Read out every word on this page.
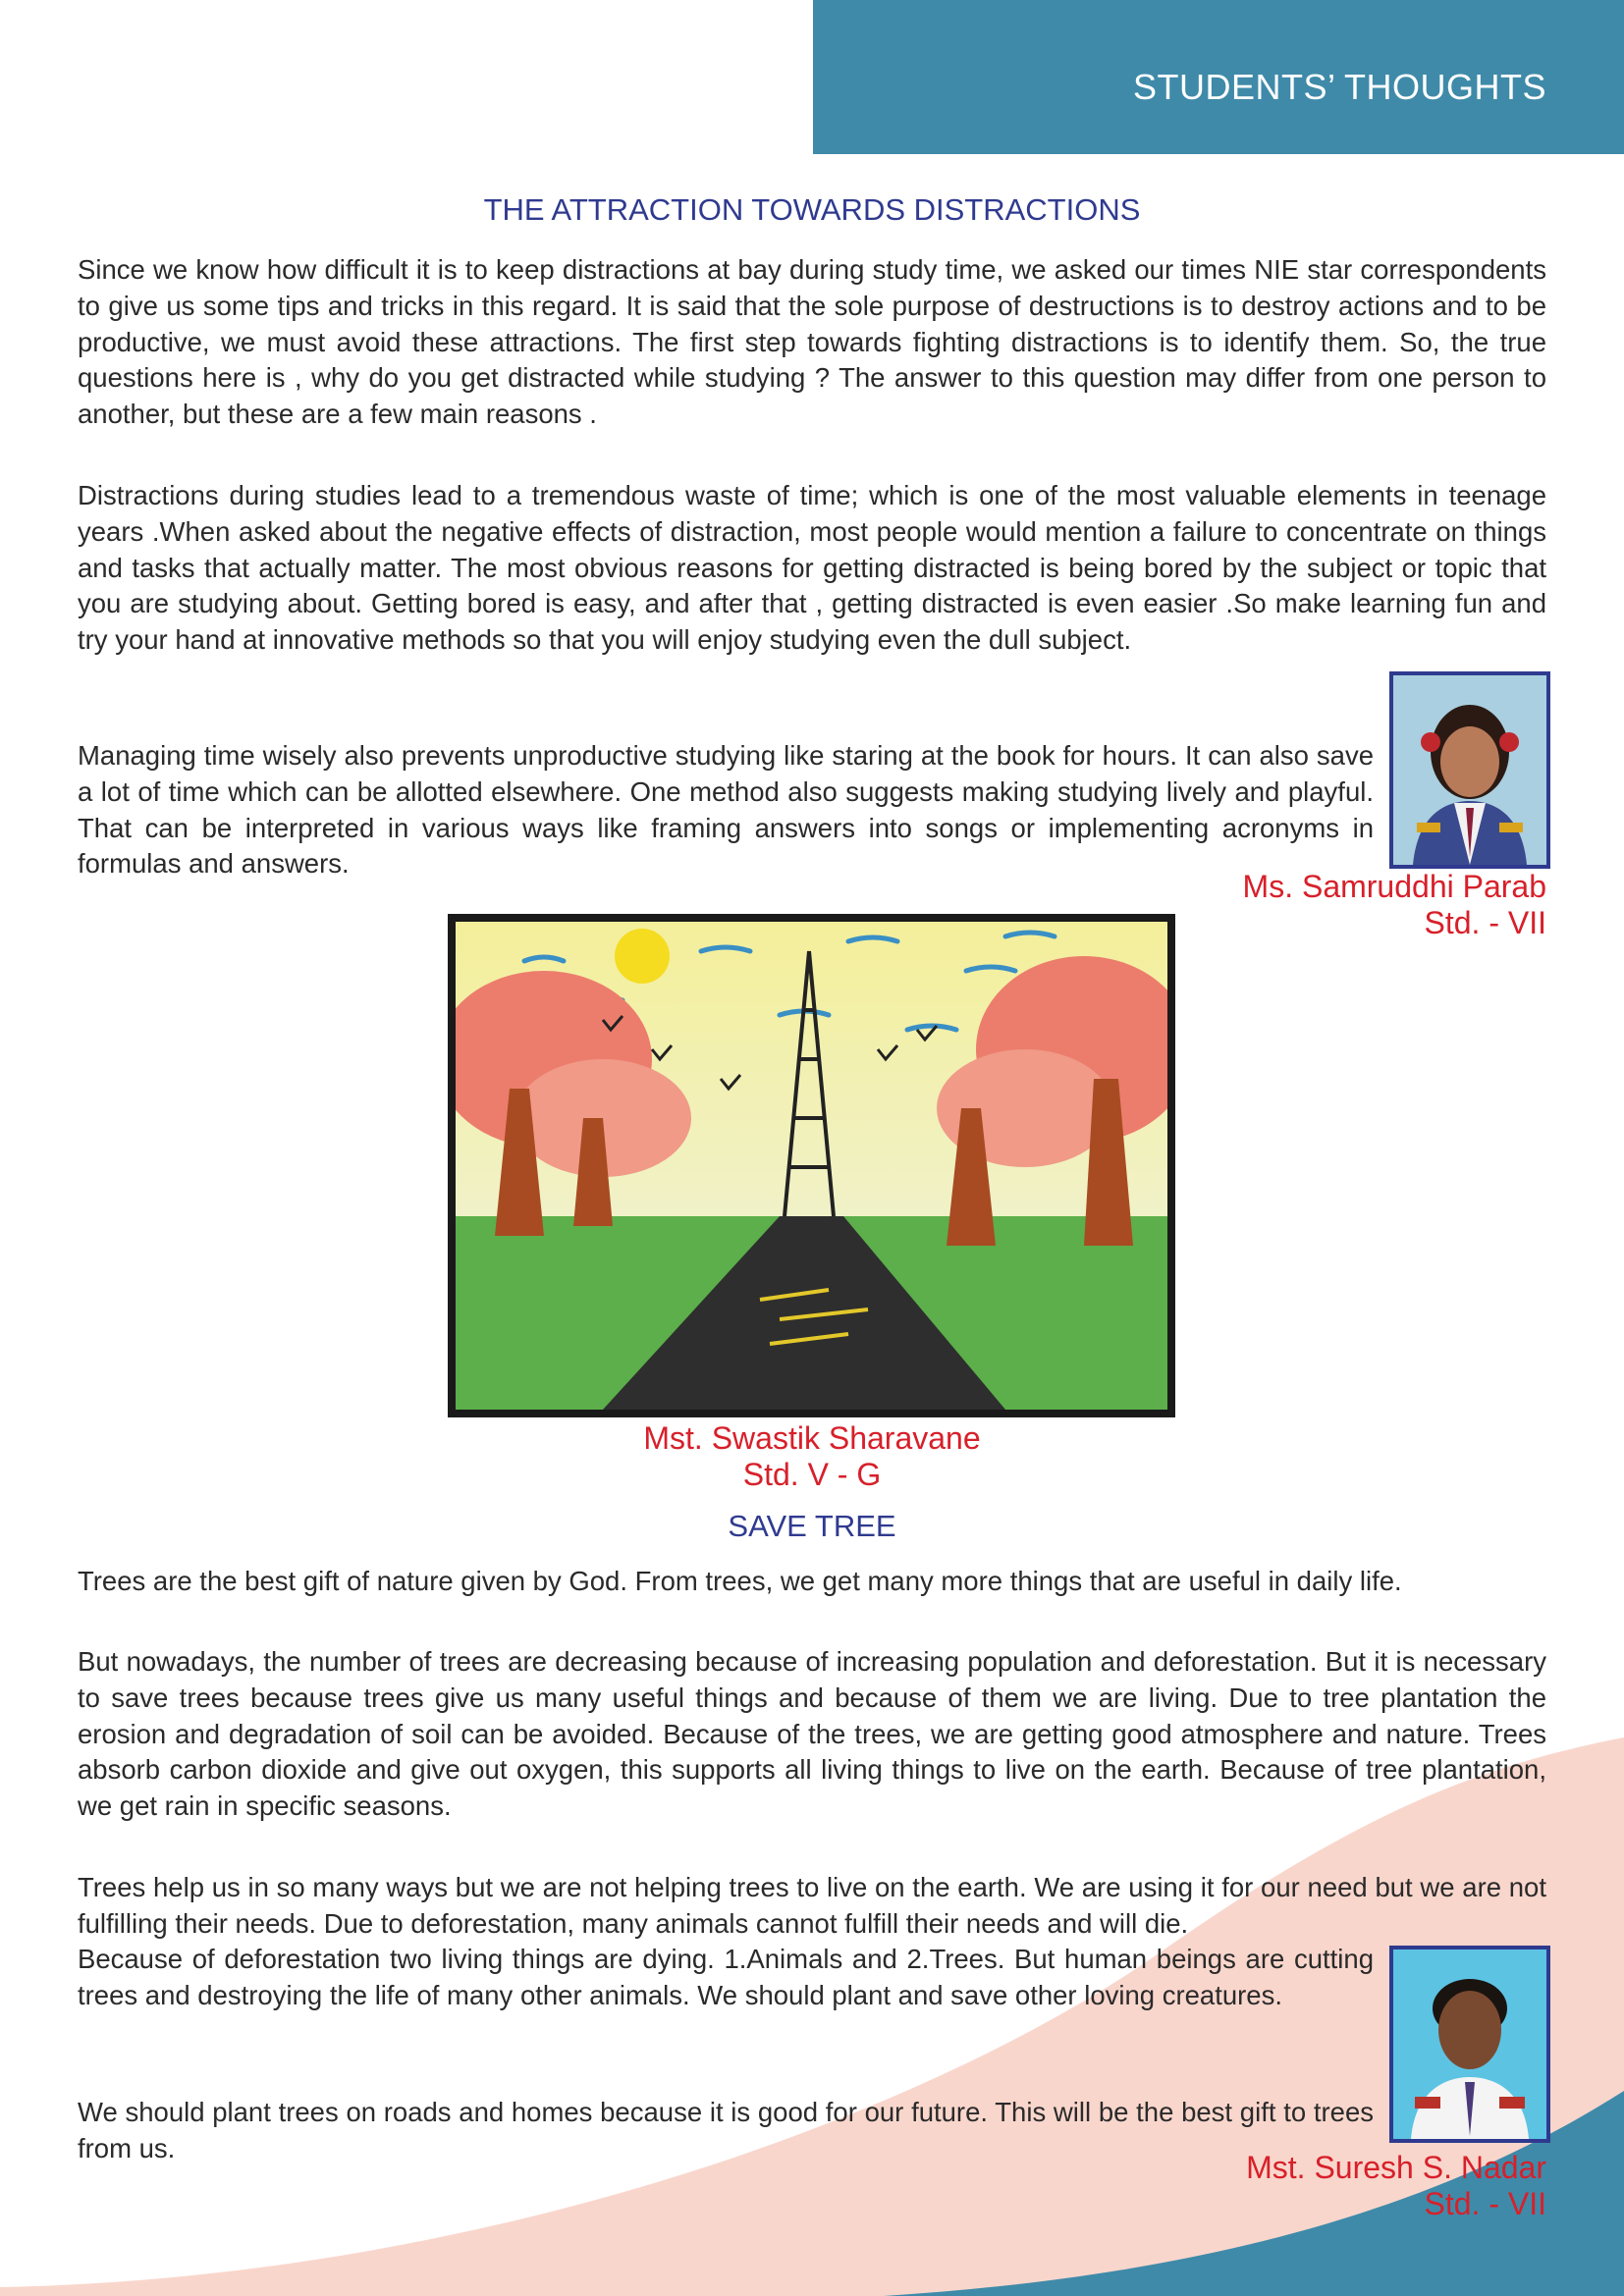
STUDENTS’ THOUGHTS
THE ATTRACTION TOWARDS DISTRACTIONS

Since we know how difficult it is to keep distractions at bay during study time, we asked our times NIE star correspondents to give us some tips and tricks in this regard. It is said that the sole purpose of destructions is to destroy actions and to be productive, we must avoid these attractions. The first step towards fighting distractions is to identify them. So, the true questions here is , why do you get distracted while studying ? The answer to this question may differ from one person to another, but these are a few main reasons .

Distractions during studies lead to a tremendous waste of time; which is one of the most valuable elements in teenage years .When asked about the negative effects of distraction, most people would mention a failure to concentrate on things and tasks that actually matter. The most obvious reasons for getting distracted is being bored by the subject or topic that you are studying about. Getting bored is easy, and after that , getting distracted is even easier .So make learning fun and try your hand at innovative methods so that you will enjoy studying even the dull subject.

Managing time wisely also prevents unproductive studying like staring at the book for hours. It can also save a lot of time which can be allotted elsewhere. One method also suggests making studying lively and playful. That can be interpreted in various ways like framing answers into songs or implementing acronyms in formulas and answers.

Ms. Samruddhi Parab
Std. - VII
Mst. Swastik Sharavane
Std. V - G
SAVE TREE

Trees are the best gift of nature given by God. From trees, we get many more things that are useful in daily life.

But nowadays, the number of trees are decreasing because of increasing population and deforestation. But it is necessary to save trees because trees give us many useful things and because of them we are living. Due to tree plantation the erosion and degradation of soil can be avoided. Because of the trees, we are getting good atmosphere and nature. Trees absorb carbon dioxide and give out oxygen, this supports all living things to live on the earth. Because of tree plantation, we get rain in specific seasons.

Trees help us in so many ways but we are not helping trees to live on the earth. We are using it for our need but we are not fulfilling their needs. Due to deforestation, many animals cannot fulfill their needs and will die.

Because of deforestation two living things are dying. 1.Animals and 2.Trees. But human beings are cutting trees and destroying the life of many other animals. We should plant and save other loving creatures.

We should plant trees on roads and homes because it is good for our future. This will be the best gift to trees from us.

Mst. Suresh S. Nadar
Std. - VII
